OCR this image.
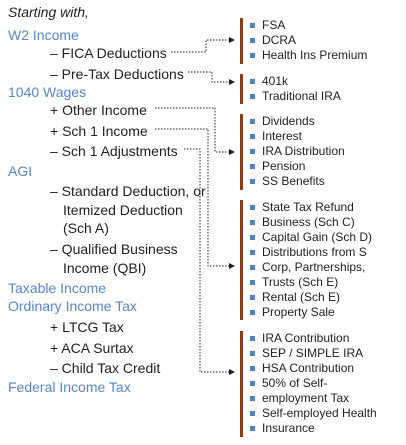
Starting with,
W2 Income
– FICA Deductions
– Pre-Tax Deductions
1040 Wages
+ Other Income
+ Sch 1 Income
– Sch 1 Adjustments
AGI
– Standard Deduction, or
Itemized Deduction
(Sch A)
– Qualified Business
Income (QBI)
Taxable Income
Ordinary Income Tax
+ LTCG Tax
+ ACA Surtax
– Child Tax Credit
Federal Income Tax
FSA
DCRA
Health Ins Premium
401k
Traditional IRA
Dividends
Interest
IRA Distribution
Pension
SS Benefits
State Tax Refund
Business (Sch C)
Capital Gain (Sch D)
Distributions from S
Corp, Partnerships,
Trusts (Sch E)
Rental (Sch E)
Property Sale
IRA Contribution
SEP / SIMPLE IRA
HSA Contribution
50% of Self-
employment Tax
Self-employed Health
Insurance
